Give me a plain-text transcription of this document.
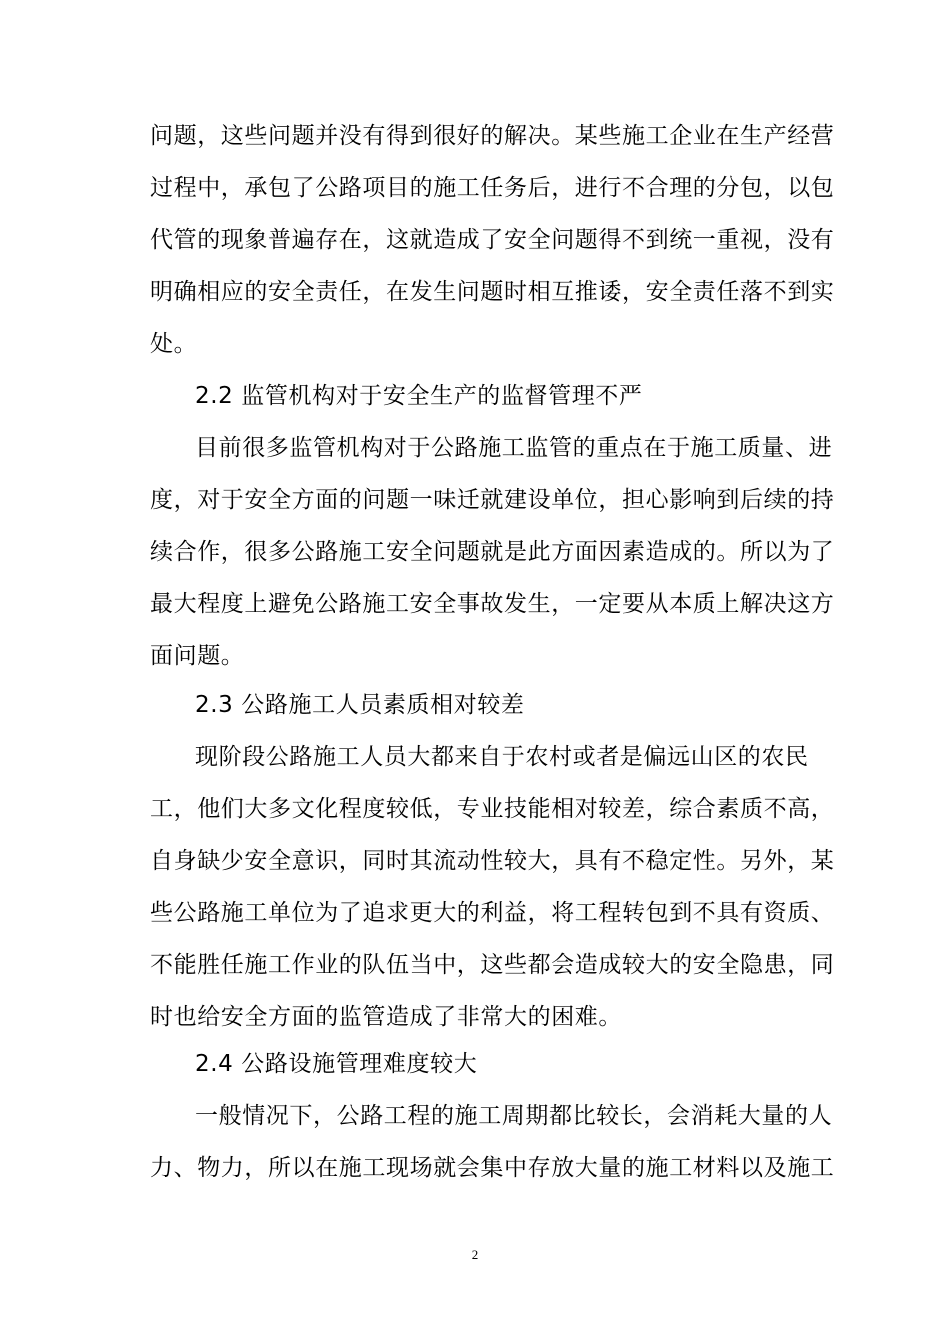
问题，这些问题并没有得到很好的解决。某些施工企业在生产经营
过程中，承包了公路项目的施工任务后，进行不合理的分包，以包
代管的现象普遍存在，这就造成了安全问题得不到统一重视，没有
明确相应的安全责任，在发生问题时相互推诿，安全责任落不到实
处。
2.2 监管机构对于安全生产的监督管理不严
目前很多监管机构对于公路施工监管的重点在于施工质量、进
度，对于安全方面的问题一味迁就建设单位，担心影响到后续的持
续合作，很多公路施工安全问题就是此方面因素造成的。所以为了
最大程度上避免公路施工安全事故发生，一定要从本质上解决这方
面问题。
2.3 公路施工人员素质相对较差
现阶段公路施工人员大都来自于农村或者是偏远山区的农民
工，他们大多文化程度较低，专业技能相对较差，综合素质不高，
自身缺少安全意识，同时其流动性较大，具有不稳定性。另外，某
些公路施工单位为了追求更大的利益，将工程转包到不具有资质、
不能胜任施工作业的队伍当中，这些都会造成较大的安全隐患，同
时也给安全方面的监管造成了非常大的困难。
2.4 公路设施管理难度较大
一般情况下，公路工程的施工周期都比较长，会消耗大量的人
力、物力，所以在施工现场就会集中存放大量的施工材料以及施工
2
